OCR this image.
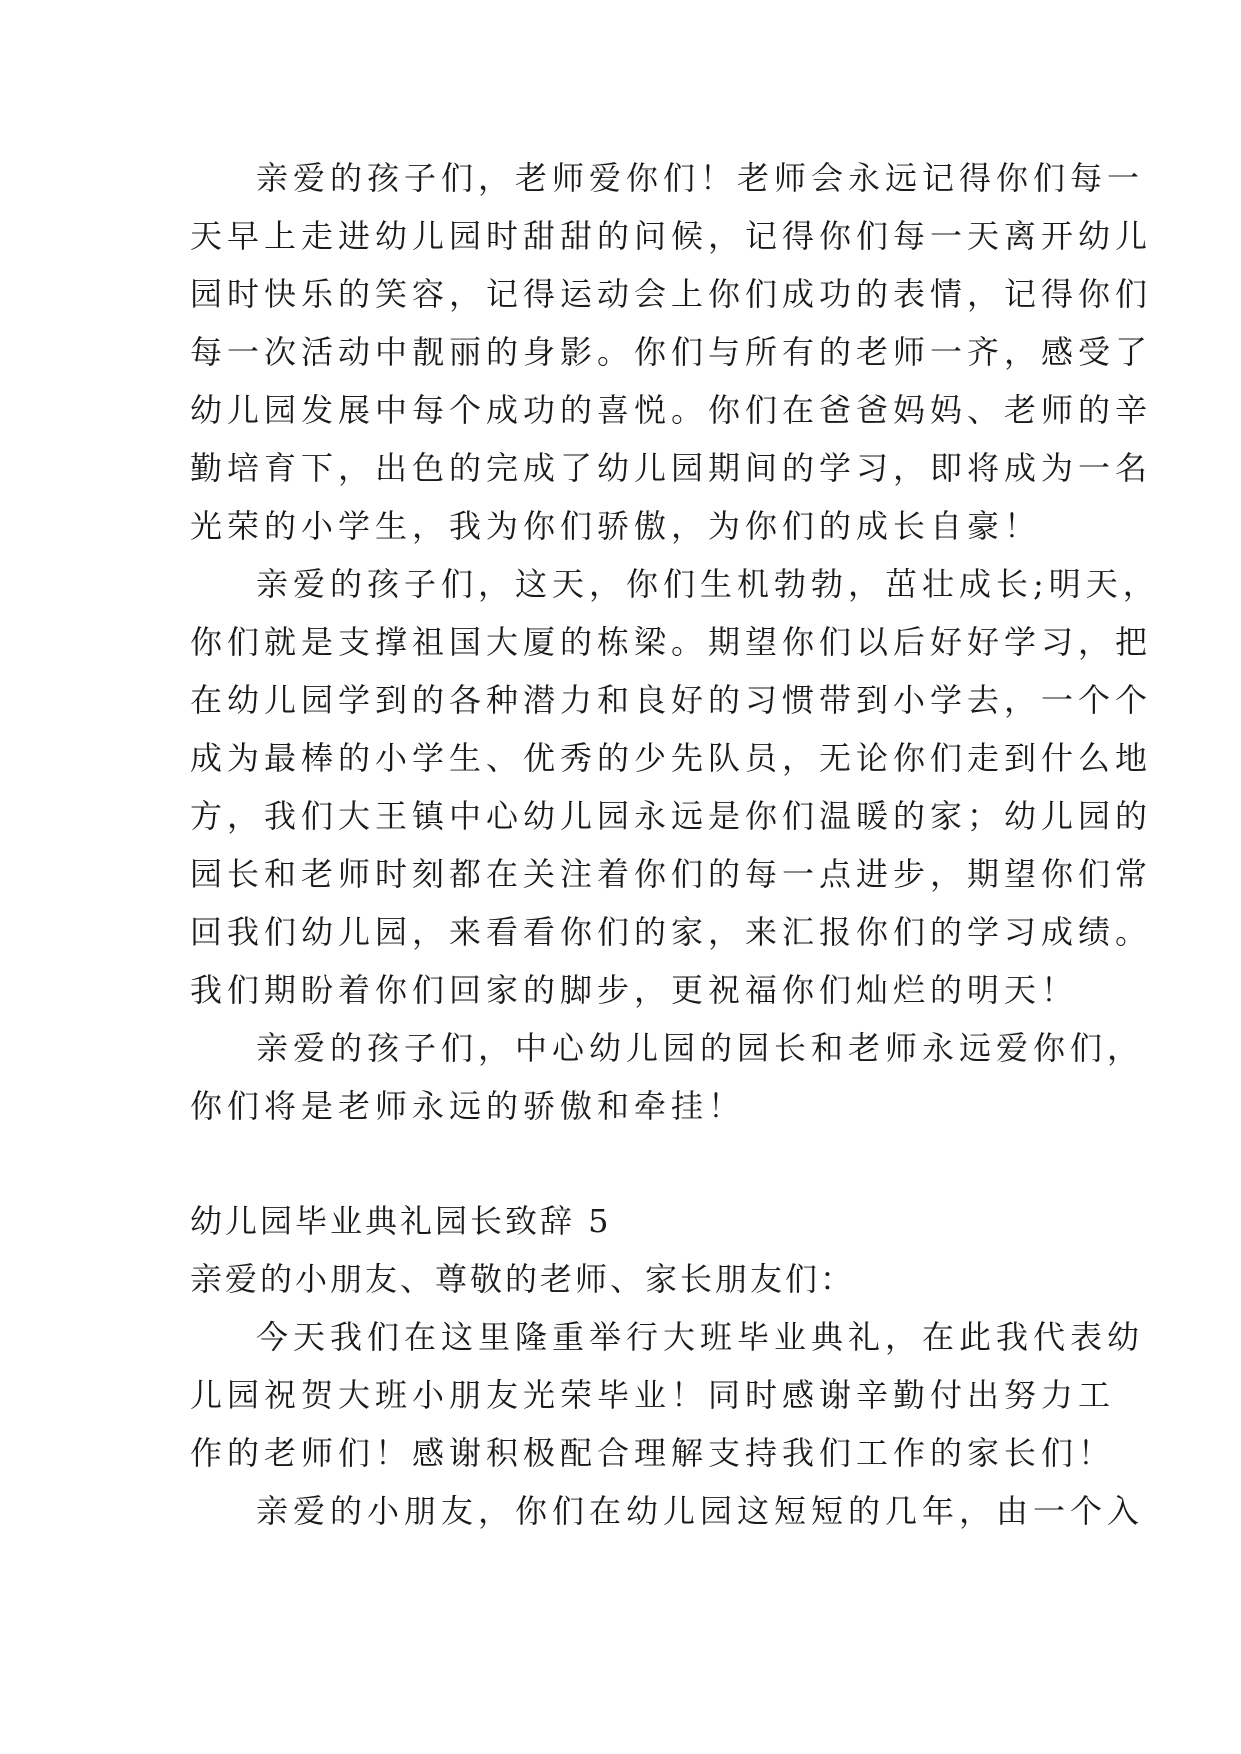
亲爱的孩子们，老师爱你们！老师会永远记得你们每一
天早上走进幼儿园时甜甜的问候，记得你们每一天离开幼儿
园时快乐的笑容，记得运动会上你们成功的表情，记得你们
每一次活动中靓丽的身影。你们与所有的老师一齐，感受了
幼儿园发展中每个成功的喜悦。你们在爸爸妈妈、老师的辛
勤培育下，出色的完成了幼儿园期间的学习，即将成为一名
光荣的小学生，我为你们骄傲，为你们的成长自豪！
亲爱的孩子们，这天，你们生机勃勃，茁壮成长;明天，
你们就是支撑祖国大厦的栋梁。期望你们以后好好学习，把
在幼儿园学到的各种潜力和良好的习惯带到小学去，一个个
成为最棒的小学生、优秀的少先队员，无论你们走到什么地
方，我们大王镇中心幼儿园永远是你们温暖的家；幼儿园的
园长和老师时刻都在关注着你们的每一点进步，期望你们常
回我们幼儿园，来看看你们的家，来汇报你们的学习成绩。
我们期盼着你们回家的脚步，更祝福你们灿烂的明天！
亲爱的孩子们，中心幼儿园的园长和老师永远爱你们，
你们将是老师永远的骄傲和牵挂！
幼儿园毕业典礼园长致辞 5
亲爱的小朋友、尊敬的老师、家长朋友们：
今天我们在这里隆重举行大班毕业典礼，在此我代表幼
儿园祝贺大班小朋友光荣毕业！同时感谢辛勤付出努力工
作的老师们！感谢积极配合理解支持我们工作的家长们！
亲爱的小朋友，你们在幼儿园这短短的几年，由一个入
